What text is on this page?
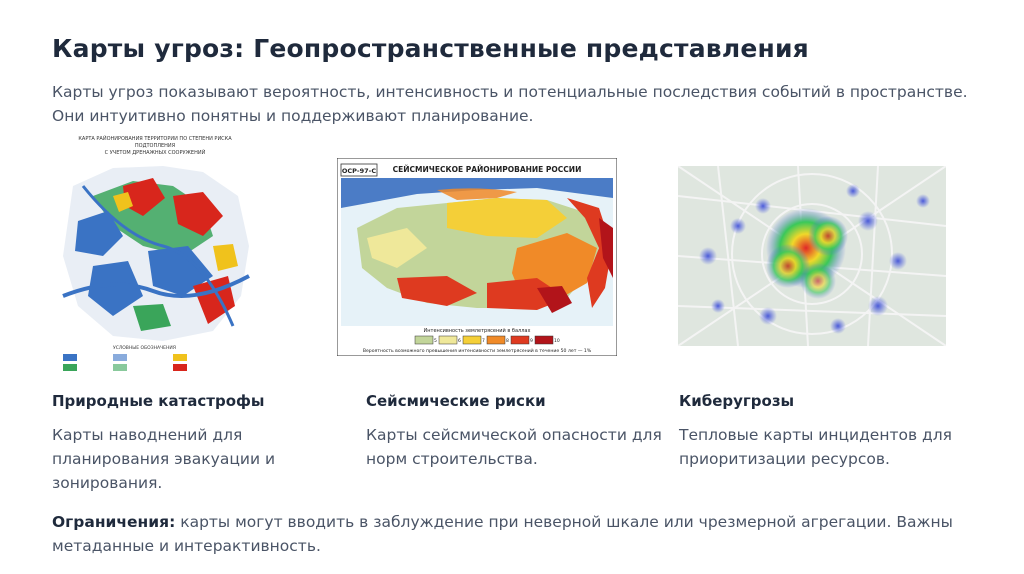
Карты угроз: Геопространственные представления

Карты угроз показывают вероятность, интенсивность и потенциальные последствия событий в пространстве. Они интуитивно понятны и поддерживают планирование.

КАРТА РАЙОНИРОВАНИЯ ТЕРРИТОРИИ ПО СТЕПЕНИ РИСКА
ПОДТОПЛЕНИЯ
С УЧЕТОМ ДРЕНАЖНЫХ СООРУЖЕНИЙ
УСЛОВНЫЕ ОБОЗНАЧЕНИЯ
СЕЙСМИЧЕСКОЕ РАЙОНИРОВАНИЕ РОССИИ
ОСР-97-С
Интенсивность землетрясений в баллах
5	6	7	8	9	10
Вероятность возможного превышения интенсивности землетрясений в течение 50 лет — 1%
Природные катастрофы

Карты наводнений для планирования эвакуации и зонирования.

Сейсмические риски

Карты сейсмической опасности для норм строительства.

Киберугрозы

Тепловые карты инцидентов для приоритизации ресурсов.

Ограничения: карты могут вводить в заблуждение при неверной шкале или чрезмерной агрегации. Важны метаданные и интерактивность.
